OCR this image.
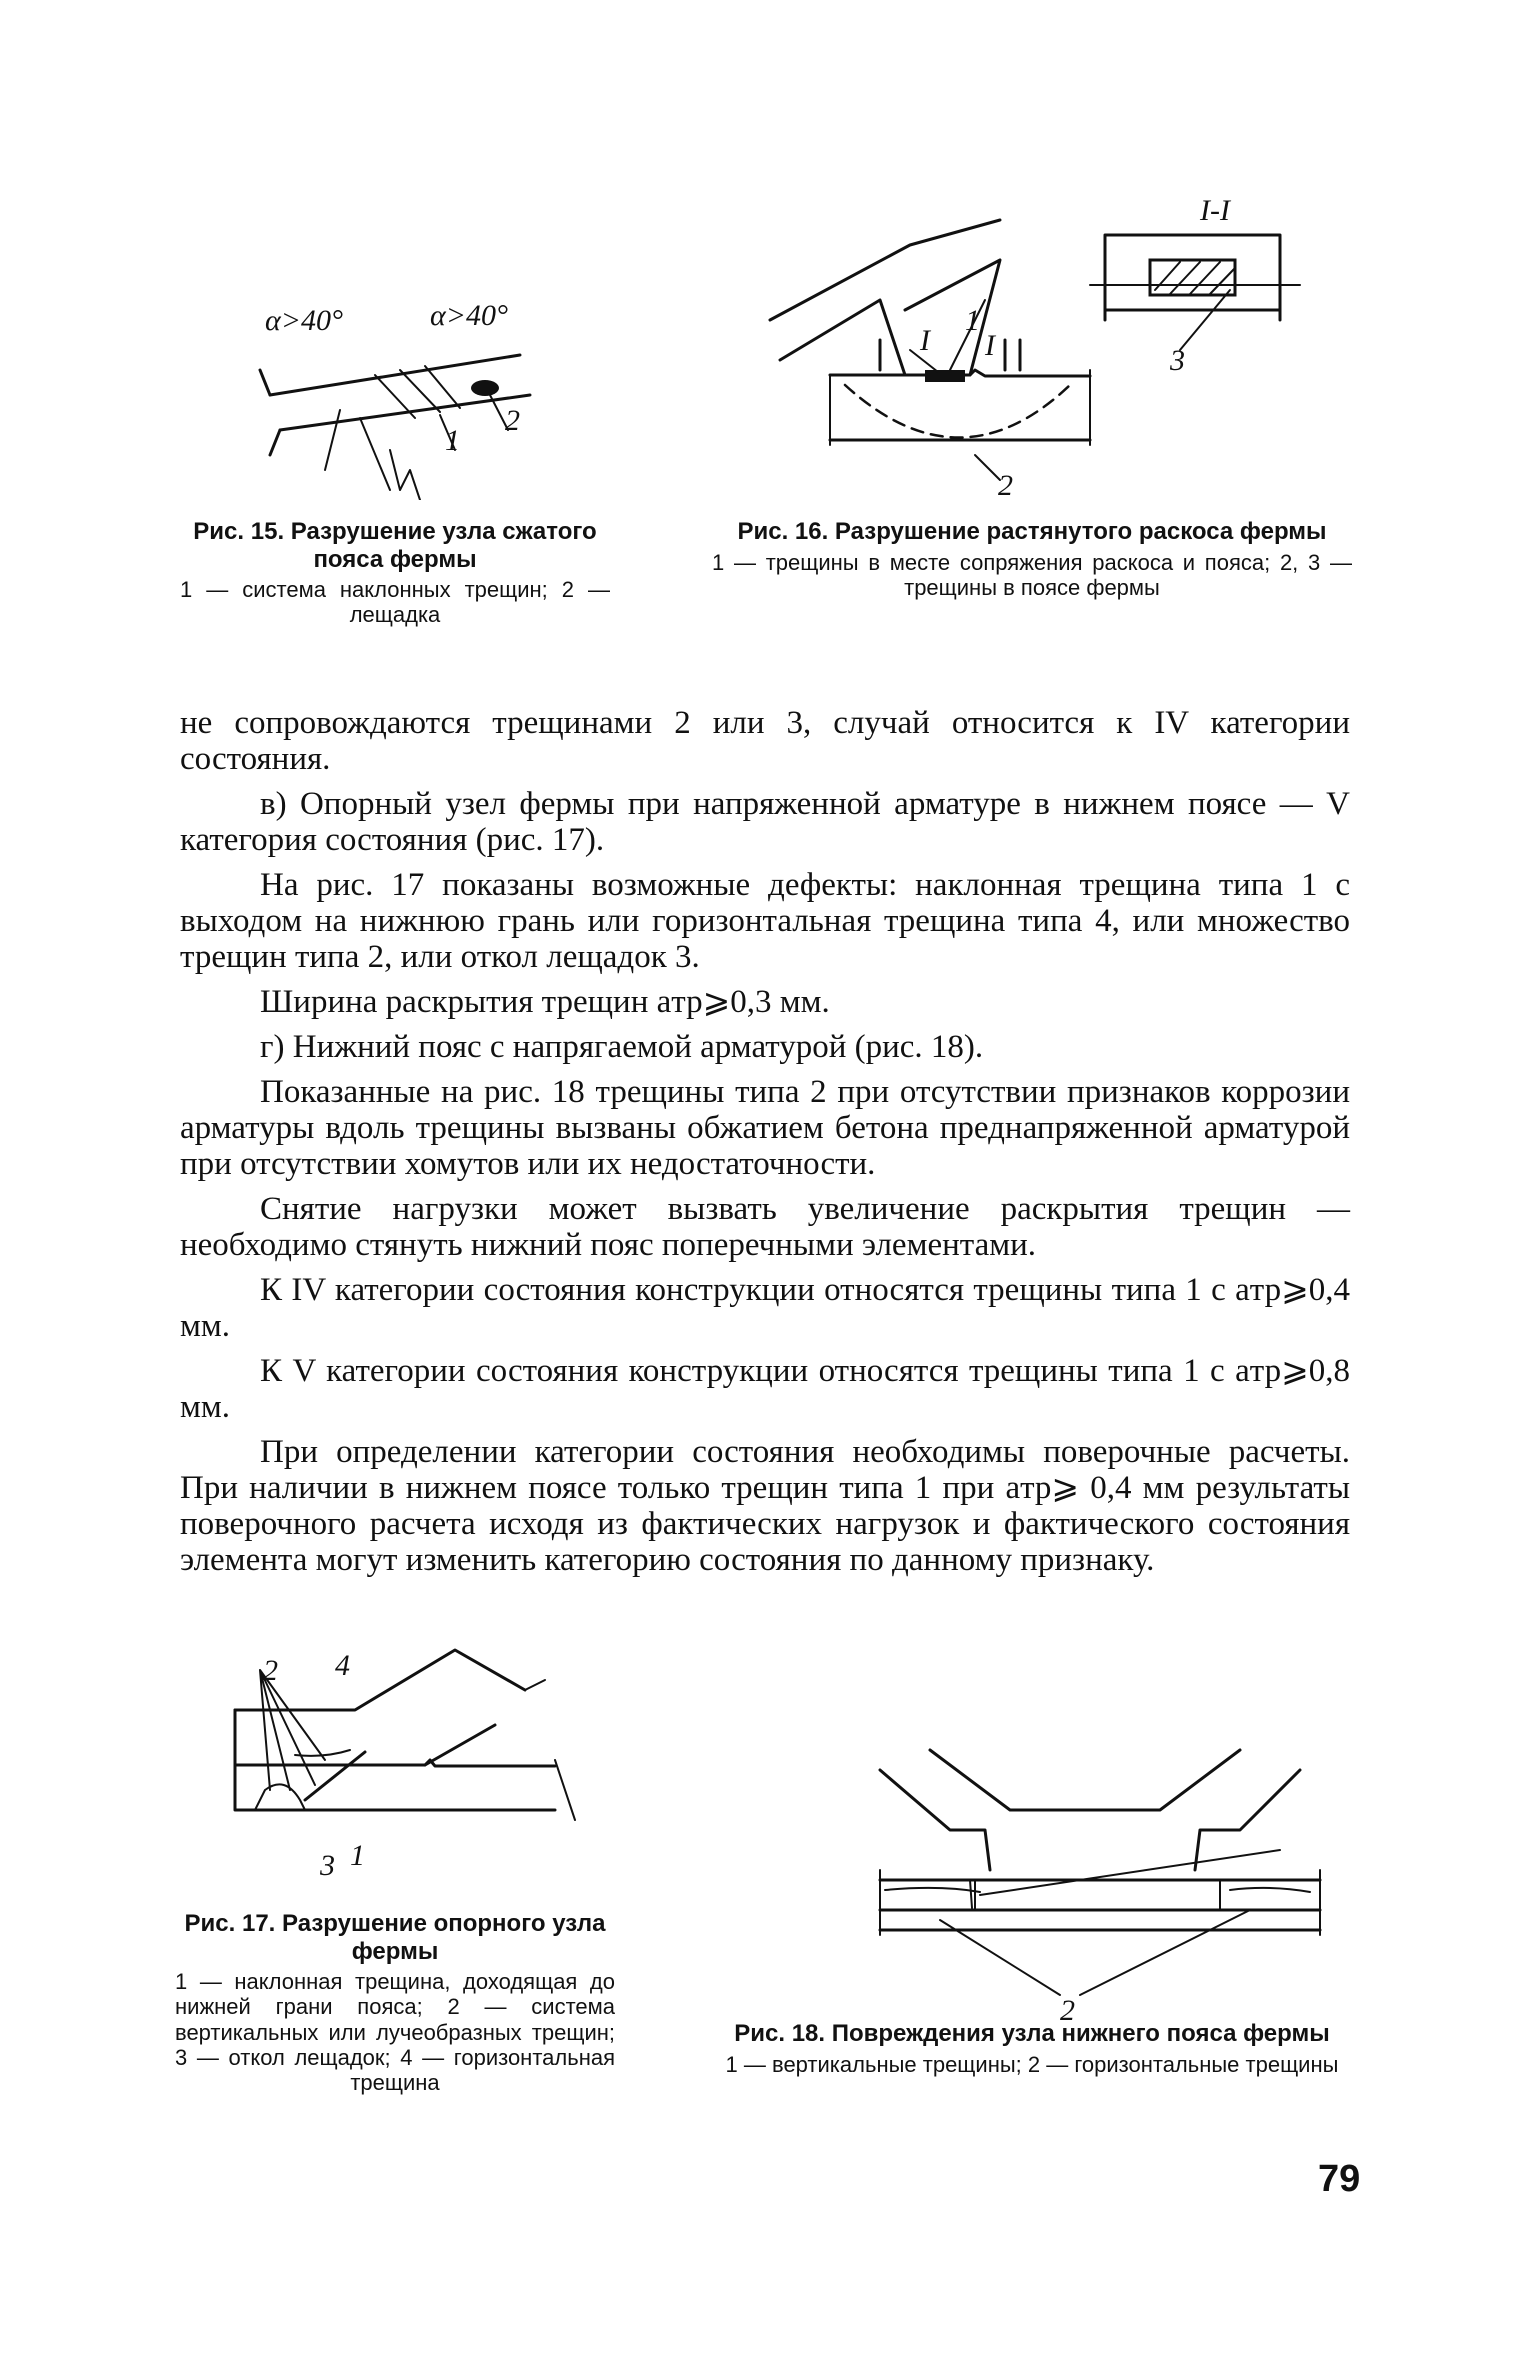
α>40°	α>40°
1
2
Рис. 15. Разрушение узла сжатого пояса фермы
1 — система наклонных трещин; 2 — лещадка
I I
1
2
3
I-I
Рис. 16. Разрушение растянутого раскоса фермы
1 — трещины в месте сопряжения раскоса и пояса; 2, 3 — трещины в поясе фермы

не сопровождаются трещинами 2 или 3, случай относится к IV категории состояния.

в) Опорный узел фермы при напряженной арматуре в нижнем поясе — V категория состояния (рис. 17).

На рис. 17 показаны возможные дефекты: наклонная трещина типа 1 с выходом на нижнюю грань или горизонтальная трещина типа 4, или множество трещин типа 2, или откол лещадок 3.

Ширина раскрытия трещин aтр⩾0,3 мм.

г) Нижний пояс с напрягаемой арматурой (рис. 18).

Показанные на рис. 18 трещины типа 2 при отсутствии признаков коррозии арматуры вдоль трещины вызваны обжатием бетона преднапряженной арматурой при отсутствии хомутов или их недостаточности.

Снятие нагрузки может вызвать увеличение раскрытия трещин — необходимо стянуть нижний пояс поперечными элементами.

К IV категории состояния конструкции относятся трещины типа 1 с aтр⩾0,4 мм.

К V категории состояния конструкции относятся трещины типа 1 с aтр⩾0,8 мм.

При определении категории состояния необходимы поверочные расчеты. При наличии в нижнем поясе только трещин типа 1 при aтр⩾ 0,4 мм результаты поверочного расчета исходя из фактических нагрузок и фактического состояния элемента могут изменить категорию состояния по данному признаку.

2 4
3 1
Рис. 17. Разрушение опорного узла фермы
1 — наклонная трещина, доходящая до нижней грани пояса; 2 — система вертикальных или лучеобразных трещин; 3 — откол лещадок; 4 — горизонтальная трещина
2
Рис. 18. Повреждения узла нижнего пояса фермы
1 — вертикальные трещины; 2 — горизонтальные трещины
79
